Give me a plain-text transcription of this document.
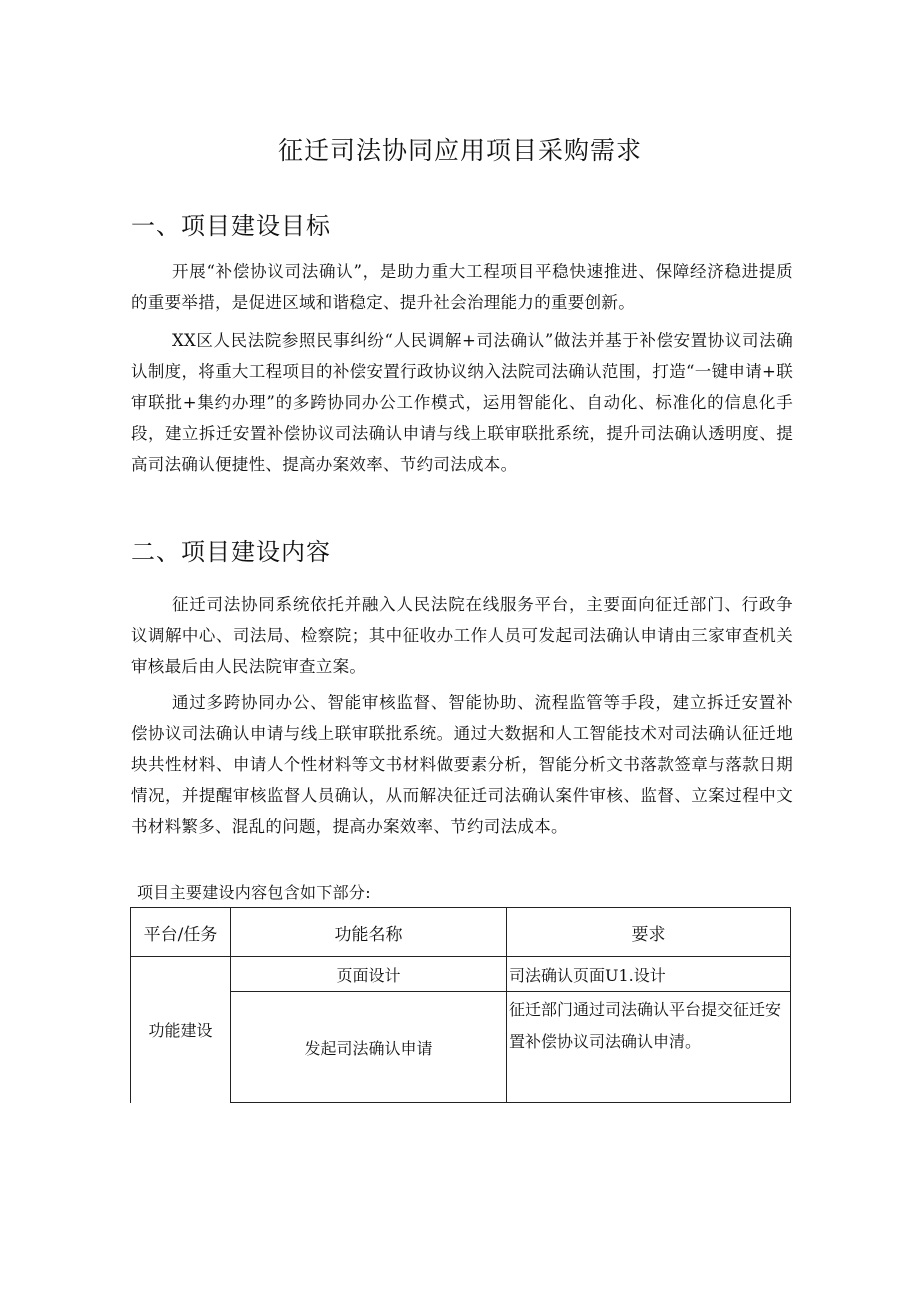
征迁司法协同应用项目采购需求
一、项目建设目标

开展“补偿协议司法确认”，是助力重大工程项目平稳快速推进、保障经济稳进提质的重要举措，是促进区域和谐稳定、提升社会治理能力的重要创新。

XX区人民法院参照民事纠纷“人民调解+司法确认”做法并基于补偿安置协议司法确认制度，将重大工程项目的补偿安置行政协议纳入法院司法确认范围，打造“一键申请+联审联批+集约办理”的多跨协同办公工作模式，运用智能化、自动化、标准化的信息化手段，建立拆迁安置补偿协议司法确认申请与线上联审联批系统，提升司法确认透明度、提高司法确认便捷性、提高办案效率、节约司法成本。

二、项目建设内容

征迁司法协同系统依托并融入人民法院在线服务平台，主要面向征迁部门、行政争议调解中心、司法局、检察院；其中征收办工作人员可发起司法确认申请由三家审查机关审核最后由人民法院审查立案。

通过多跨协同办公、智能审核监督、智能协助、流程监管等手段，建立拆迁安置补偿协议司法确认申请与线上联审联批系统。通过大数据和人工智能技术对司法确认征迁地块共性材料、申请人个性材料等文书材料做要素分析，智能分析文书落款签章与落款日期情况，并提醒审核监督人员确认，从而解决征迁司法确认案件审核、监督、立案过程中文书材料繁多、混乱的问题，提高办案效率、节约司法成本。

项目主要建设内容包含如下部分:

平台/任务	功能名称	要求
功能建设	页面设计	司法确认页面U1.设计
	发起司法确认申请	征迁部门通过司法确认平台提交征迁安置补偿协议司法确认申清。
